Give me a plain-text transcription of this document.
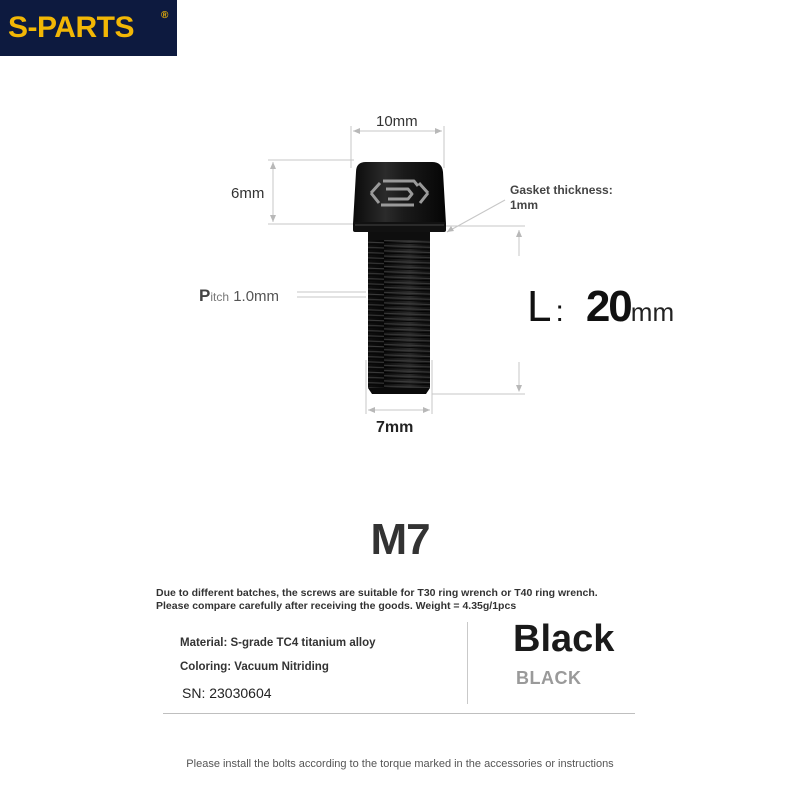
S-PARTS	®
10mm
6mm
Pitch 1.0mm
7mm
Gasket thickness:
1mm
L : 20 mm
M7
Due to different batches, the screws are suitable for T30 ring wrench or T40 ring wrench. Please compare carefully after receiving the goods. Weight = 4.35g/1pcs
Material: S-grade TC4 titanium alloy
Coloring: Vacuum Nitriding
SN: 23030604
Black
BLACK
Please install the bolts according to the torque marked in the accessories or instructions
